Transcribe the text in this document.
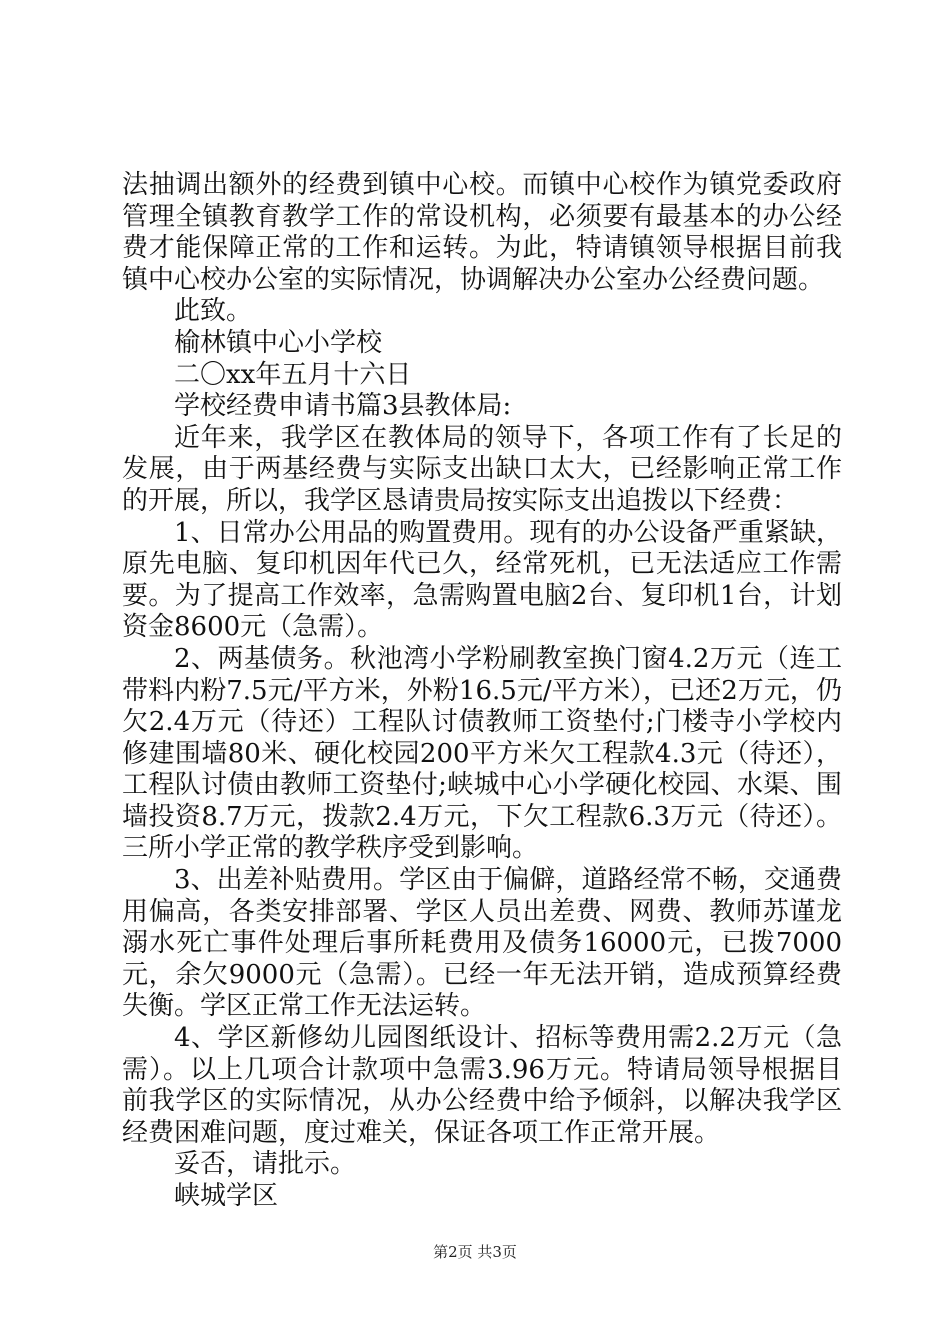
法抽调出额外的经费到镇中心校。而镇中心校作为镇党委政府管理全镇教育教学工作的常设机构，必须要有最基本的办公经费才能保障正常的工作和运转。为此，特请镇领导根据目前我镇中心校办公室的实际情况，协调解决办公室办公经费问题。

此致。

榆林镇中心小学校

二〇xx年五月十六日

学校经费申请书篇3县教体局:

近年来，我学区在教体局的领导下，各项工作有了长足的发展，由于两基经费与实际支出缺口太大，已经影响正常工作的开展，所以，我学区恳请贵局按实际支出追拨以下经费：

1、日常办公用品的购置费用。现有的办公设备严重紧缺，原先电脑、复印机因年代已久，经常死机，已无法适应工作需要。为了提高工作效率，急需购置电脑2台、复印机1台，计划资金8600元（急需）。

2、两基债务。秋池湾小学粉刷教室换门窗4.2万元（连工带料内粉7.5元/平方米，外粉16.5元/平方米），已还2万元，仍欠2.4万元（待还）工程队讨债教师工资垫付;门楼寺小学校内修建围墙80米、硬化校园200平方米欠工程款4.3元（待还），工程队讨债由教师工资垫付;峡城中心小学硬化校园、水渠、围墙投资8.7万元，拨款2.4万元，下欠工程款6.3万元（待还）。三所小学正常的教学秩序受到影响。

3、出差补贴费用。学区由于偏僻，道路经常不畅，交通费用偏高，各类安排部署、学区人员出差费、网费、教师苏谨龙溺水死亡事件处理后事所耗费用及债务16000元，已拨7000元，余欠9000元（急需）。已经一年无法开销，造成预算经费失衡。学区正常工作无法运转。

4、学区新修幼儿园图纸设计、招标等费用需2.2万元（急需）。以上几项合计款项中急需3.96万元。特请局领导根据目前我学区的实际情况，从办公经费中给予倾斜，以解决我学区经费困难问题，度过难关，保证各项工作正常开展。

妥否，请批示。

峡城学区

第2页 共3页
